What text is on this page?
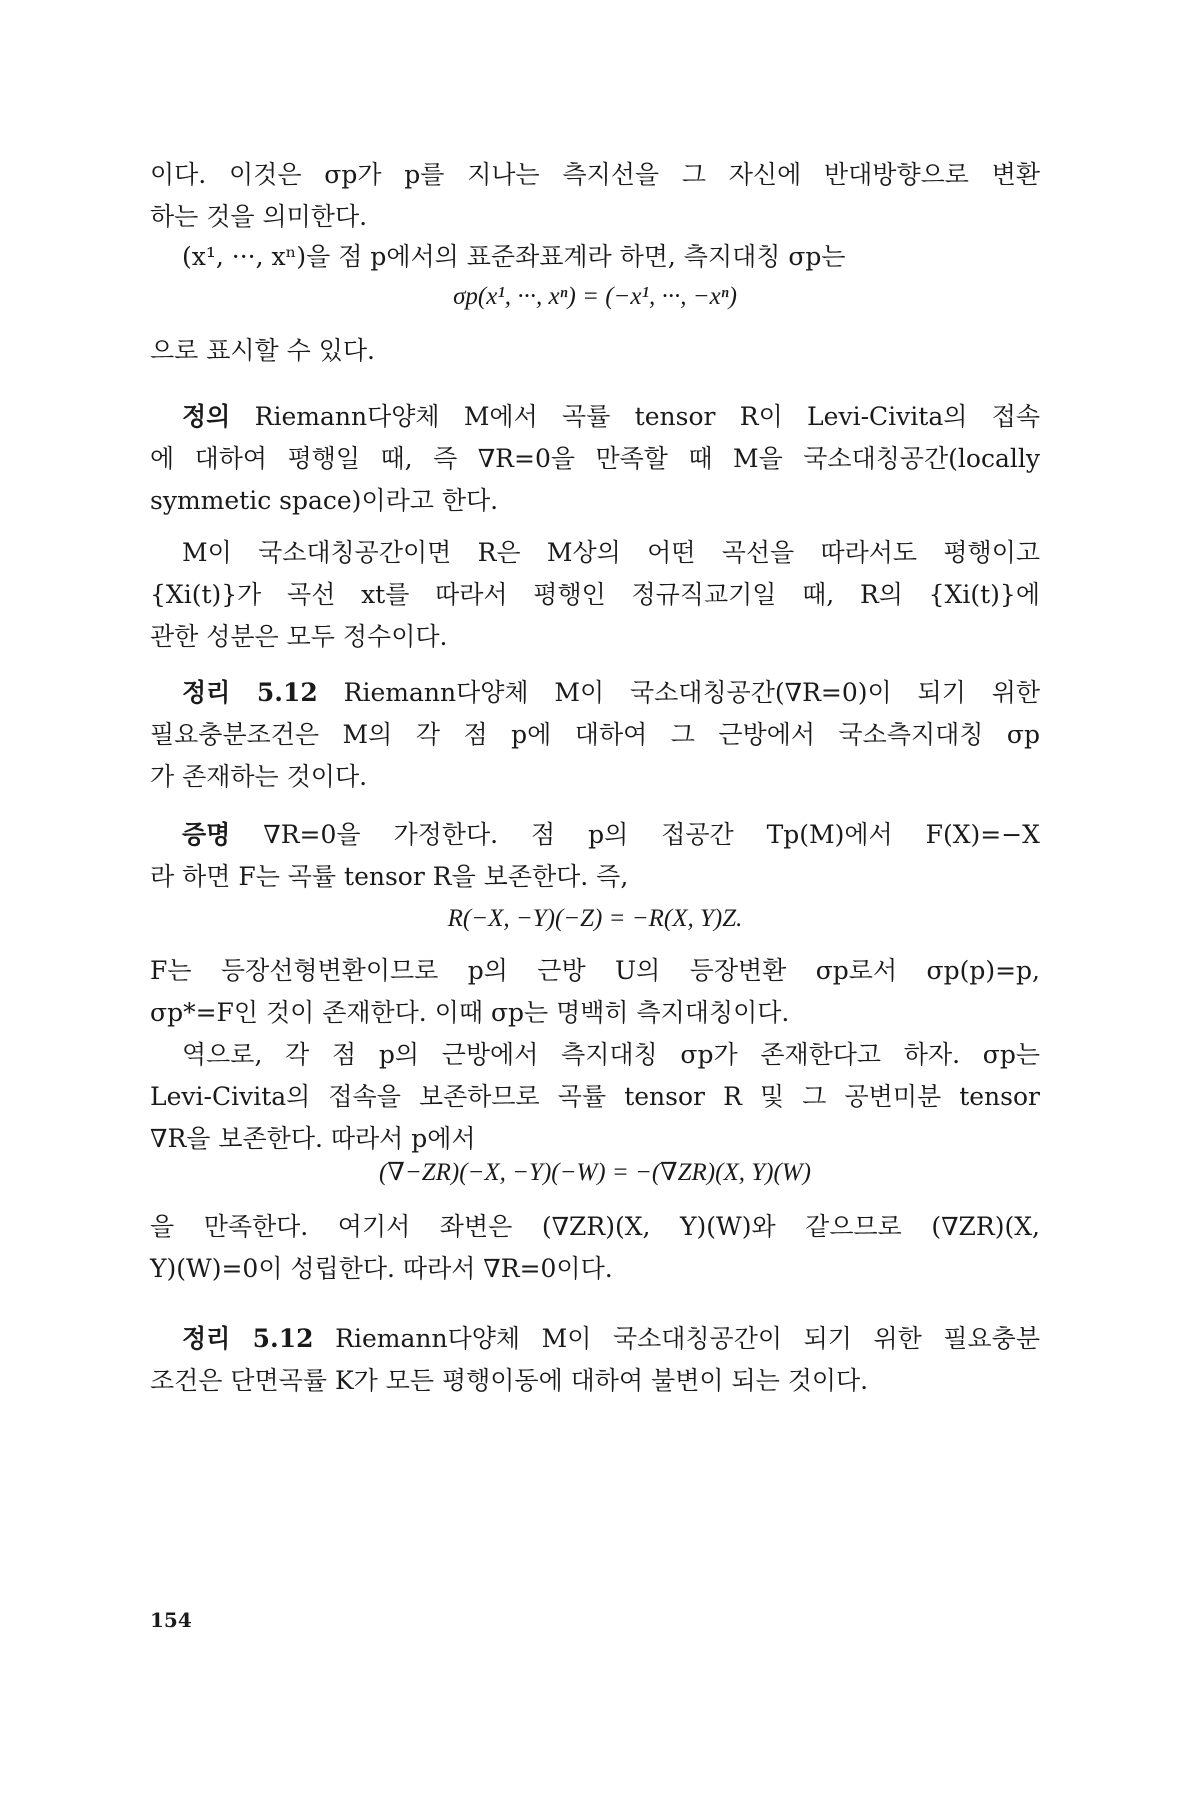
이다. 이것은 σp가 p를 지나는 측지선을 그 자신에 반대방향으로 변환
하는 것을 의미한다.
(x¹, ···, xⁿ)을 점 p에서의 표준좌표계라 하면, 측지대칭 σp는
σp(x¹, ···, xⁿ) = (−x¹, ···, −xⁿ)
으로 표시할 수 있다.
정의 Riemann다양체 M에서 곡률 tensor R이 Levi-Civita의 접속
에 대하여 평행일 때, 즉 ∇R=0을 만족할 때 M을 국소대칭공간(locally
symmetic space)이라고 한다.
M이 국소대칭공간이면 R은 M상의 어떤 곡선을 따라서도 평행이고
{Xi(t)}가 곡선 xt를 따라서 평행인 정규직교기일 때, R의 {Xi(t)}에
관한 성분은 모두 정수이다.
정리 5.12 Riemann다양체 M이 국소대칭공간(∇R=0)이 되기 위한
필요충분조건은 M의 각 점 p에 대하여 그 근방에서 국소측지대칭 σp
가 존재하는 것이다.
증명 ∇R=0을 가정한다. 점 p의 접공간 Tp(M)에서 F(X)=−X
라 하면 F는 곡률 tensor R을 보존한다. 즉,
R(−X, −Y)(−Z) = −R(X, Y)Z.
F는 등장선형변환이므로 p의 근방 U의 등장변환 σp로서 σp(p)=p,
σp*=F인 것이 존재한다. 이때 σp는 명백히 측지대칭이다.
역으로, 각 점 p의 근방에서 측지대칭 σp가 존재한다고 하자. σp는
Levi-Civita의 접속을 보존하므로 곡률 tensor R 및 그 공변미분 tensor
∇R을 보존한다. 따라서 p에서
(∇−ZR)(−X, −Y)(−W) = −(∇ZR)(X, Y)(W)
을 만족한다. 여기서 좌변은 (∇ZR)(X, Y)(W)와 같으므로 (∇ZR)(X,
Y)(W)=0이 성립한다. 따라서 ∇R=0이다.
정리 5.12 Riemann다양체 M이 국소대칭공간이 되기 위한 필요충분
조건은 단면곡률 K가 모든 평행이동에 대하여 불변이 되는 것이다.
154
